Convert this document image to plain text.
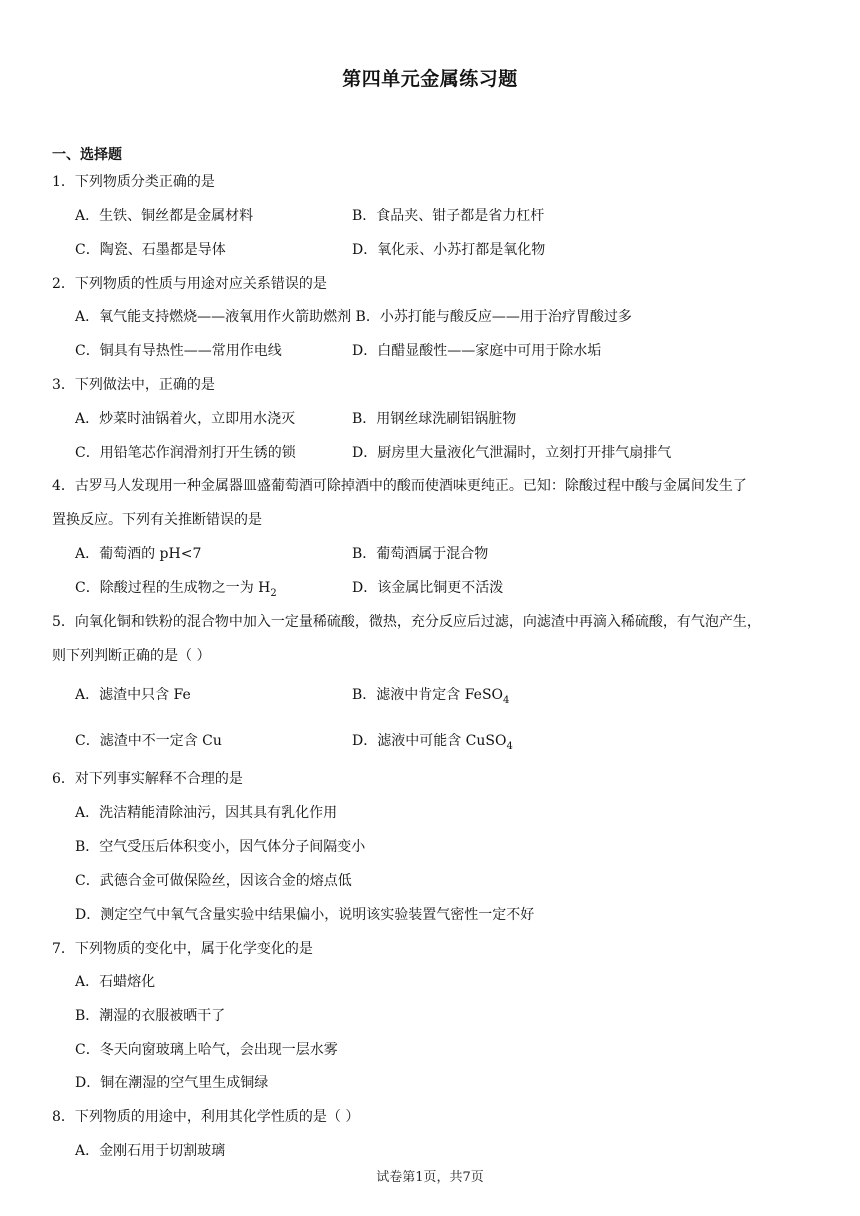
第四单元金属练习题
一、选择题
1．下列物质分类正确的是
A．生铁、铜丝都是金属材料	B．食品夹、钳子都是省力杠杆
C．陶瓷、石墨都是导体	D．氧化汞、小苏打都是氧化物
2．下列物质的性质与用途对应关系错误的是
A．氧气能支持燃烧——液氧用作火箭助燃剂 B．小苏打能与酸反应——用于治疗胃酸过多
C．铜具有导热性——常用作电线	D．白醋显酸性——家庭中可用于除水垢
3．下列做法中，正确的是
A．炒菜时油锅着火，立即用水浇灭	B．用钢丝球洗刷铝锅脏物
C．用铅笔芯作润滑剂打开生锈的锁	D．厨房里大量液化气泄漏时，立刻打开排气扇排气
4．古罗马人发现用一种金属器皿盛葡萄酒可除掉酒中的酸而使酒味更纯正。已知：除酸过程中酸与金属间发生了
置换反应。下列有关推断错误的是
A．葡萄酒的 pH<7	B．葡萄酒属于混合物
C．除酸过程的生成物之一为 $H_2$	D．该金属比铜更不活泼
5．向氧化铜和铁粉的混合物中加入一定量稀硫酸，微热，充分反应后过滤，向滤渣中再滴入稀硫酸，有气泡产生，
则下列判断正确的是（ ）
A．滤渣中只含 Fe	B．滤液中肯定含 FeSO$_4$
C．滤渣中不一定含 Cu	D．滤液中可能含 CuSO$_4$
6．对下列事实解释不合理的是
A．洗洁精能清除油污，因其具有乳化作用
B．空气受压后体积变小，因气体分子间隔变小
C．武德合金可做保险丝，因该合金的熔点低
D．测定空气中氧气含量实验中结果偏小，说明该实验装置气密性一定不好
7．下列物质的变化中，属于化学变化的是
A．石蜡熔化
B．潮湿的衣服被晒干了
C．冬天向窗玻璃上哈气，会出现一层水雾
D．铜在潮湿的空气里生成铜绿
8．下列物质的用途中，利用其化学性质的是（ ）
A．金刚石用于切割玻璃
试卷第1页，共7页
